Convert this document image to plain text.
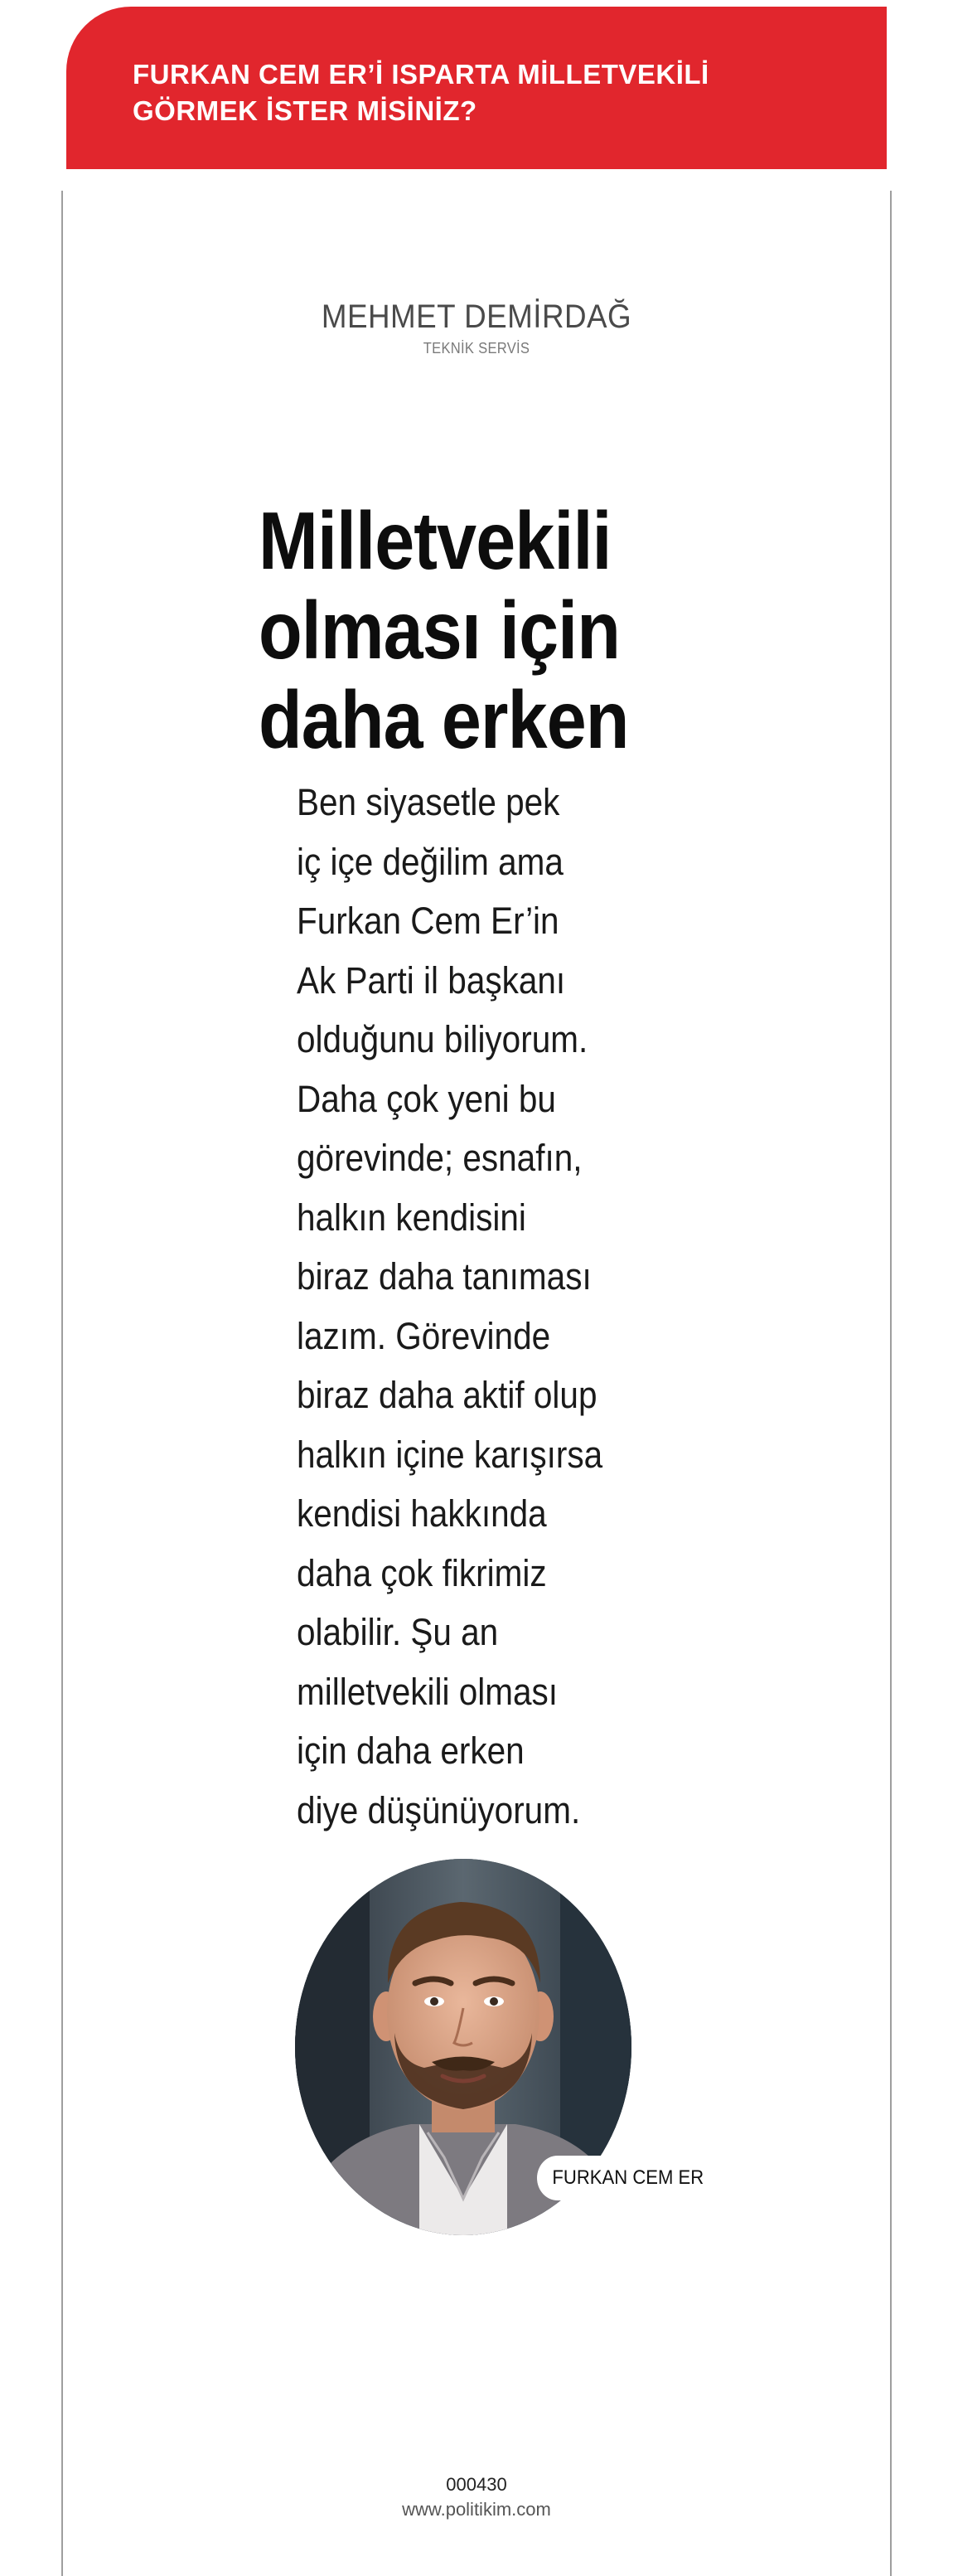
FURKAN CEM ER’İ ISPARTA MİLLETVEKİLİ
GÖRMEK İSTER MİSİNİZ?
MEHMET DEMİRDAĞ
TEKNİK SERVİS
Milletvekili
olması için
daha erken
Ben siyasetle pek
iç içe değilim ama
Furkan Cem Er’in
Ak Parti il başkanı
olduğunu biliyorum.
Daha çok yeni bu
görevinde; esnafın,
halkın kendisini
biraz daha tanıması
lazım. Görevinde
biraz daha aktif olup
halkın içine karışırsa
kendisi hakkında
daha çok fikrimiz
olabilir. Şu an
milletvekili olması
için daha erken
diye düşünüyorum.
FURKAN CEM ER
000430
www.politikim.com
